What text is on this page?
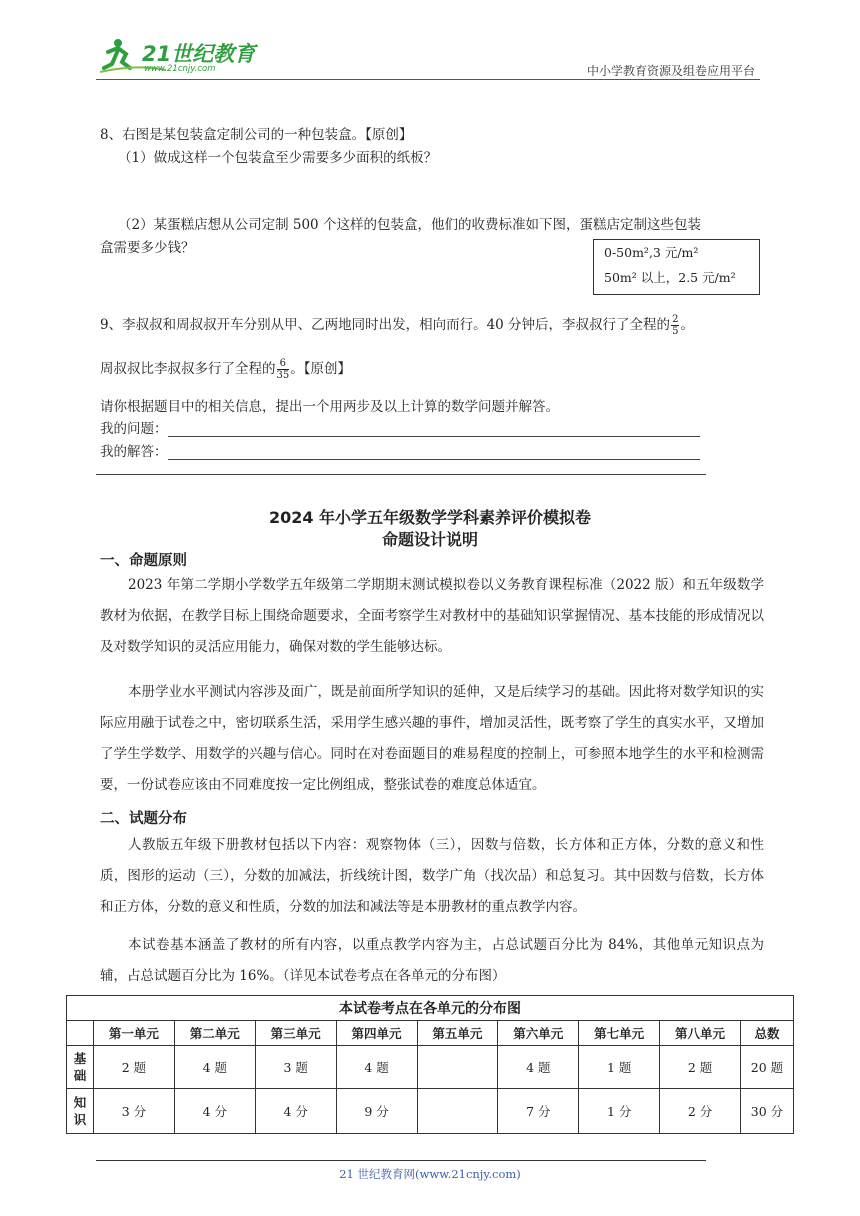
21世纪教育
www.21cnjy.com	中小学教育资源及组卷应用平台
8、右图是某包装盒定制公司的一种包装盒。【原创】
（1）做成这样一个包装盒至少需要多少面积的纸板？
（2）某蛋糕店想从公司定制 500 个这样的包装盒，他们的收费标准如下图，蛋糕店定制这些包装
盒需要多少钱？	0-50m²,3 元/m²
50m² 以上，2.5 元/m²
9、李叔叔和周叔叔开车分别从甲、乙两地同时出发，相向而行。40 分钟后，李叔叔行了全程的 $\frac{2}{5}$ 。
周叔叔比李叔叔多行了全程的 $\frac{6}{35}$ 。【原创】
请你根据题目中的相关信息，提出一个用两步及以上计算的数学问题并解答。
我的问题：
我的解答：
2024 年小学五年级数学学科素养评价模拟卷
命题设计说明
一、命题原则
2023 年第二学期小学数学五年级第二学期期末测试模拟卷以义务教育课程标准（2022 版）和五年级数学教材为依据，在教学目标上围绕命题要求，全面考察学生对教材中的基础知识掌握情况、基本技能的形成情况以及对数学知识的灵活应用能力，确保对数的学生能够达标。
本册学业水平测试内容涉及面广，既是前面所学知识的延伸，又是后续学习的基础。因此将对数学知识的实际应用融于试卷之中，密切联系生活，采用学生感兴趣的事件，增加灵活性，既考察了学生的真实水平，又增加了学生学数学、用数学的兴趣与信心。同时在对卷面题目的难易程度的控制上，可参照本地学生的水平和检测需要，一份试卷应该由不同难度按一定比例组成，整张试卷的难度总体适宜。
二、试题分布
人教版五年级下册教材包括以下内容：观察物体（三），因数与倍数，长方体和正方体，分数的意义和性质，图形的运动（三），分数的加减法，折线统计图，数学广角（找次品）和总复习。其中因数与倍数，长方体和正方体，分数的意义和性质，分数的加法和减法等是本册教材的重点教学内容。
本试卷基本涵盖了教材的所有内容，以重点教学内容为主，占总试题百分比为 84%，其他单元知识点为辅，占总试题百分比为 16%。（详见本试卷考点在各单元的分布图）
本试卷考点在各单元的分布图									
	第一单元	第二单元	第三单元	第四单元	第五单元	第六单元	第七单元	第八单元	总数
基
础	2 题	4 题	3 题	4 题		4 题	1 题	2 题	20 题
知
识	3 分	4 分	4 分	9 分		7 分	1 分	2 分	30 分
21 世纪教育网(www.21cnjy.com)
